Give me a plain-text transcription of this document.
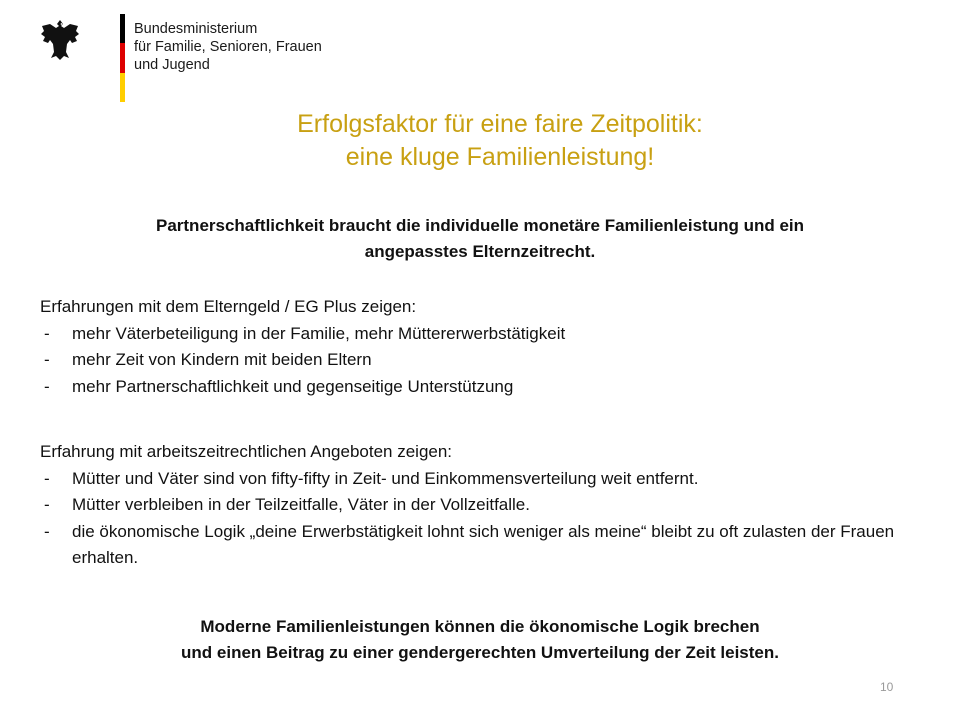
Bundesministerium
für Familie, Senioren, Frauen
und Jugend
Erfolgsfaktor für eine faire Zeitpolitik:
eine kluge Familienleistung!
Partnerschaftlichkeit braucht die individuelle monetäre Familienleistung und ein
angepasstes Elternzeitrecht.
Erfahrungen mit dem Elterngeld / EG Plus zeigen:
-	mehr Väterbeteiligung in der Familie, mehr Müttererwerbstätigkeit
-	mehr Zeit von Kindern mit beiden Eltern
-	mehr Partnerschaftlichkeit und gegenseitige Unterstützung
Erfahrung mit arbeitszeitrechtlichen Angeboten zeigen:
-	Mütter und Väter sind von fifty-fifty in Zeit- und Einkommensverteilung weit entfernt.
-	Mütter verbleiben in der Teilzeitfalle, Väter in der Vollzeitfalle.
-	die ökonomische Logik „deine Erwerbstätigkeit lohnt sich weniger als meine“ bleibt zu oft zulasten der Frauen erhalten.
Moderne Familienleistungen können die ökonomische Logik brechen
und einen Beitrag zu einer gendergerechten Umverteilung der Zeit leisten.
10
